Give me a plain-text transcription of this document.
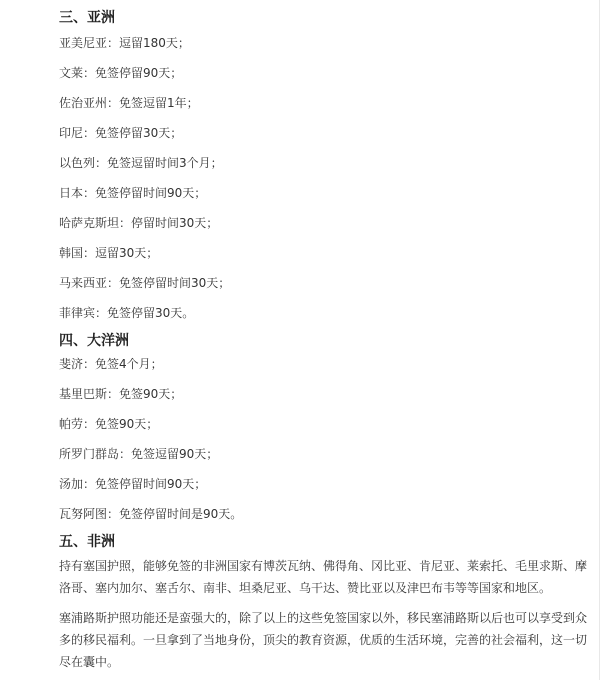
三、亚洲

亚美尼亚：逗留180天；

文莱：免签停留90天；

佐治亚州：免签逗留1年；

印尼：免签停留30天；

以色列：免签逗留时间3个月；

日本：免签停留时间90天；

哈萨克斯坦：停留时间30天；

韩国：逗留30天；

马来西亚：免签停留时间30天；

菲律宾：免签停留30天。

四、大洋洲

斐济：免签4个月；

基里巴斯：免签90天；

帕劳：免签90天；

所罗门群岛：免签逗留90天；

汤加：免签停留时间90天；

瓦努阿图：免签停留时间是90天。

五、非洲

持有塞国护照，能够免签的非洲国家有博茨瓦纳、佛得角、冈比亚、肯尼亚、莱索托、毛里求斯、摩洛哥、塞内加尔、塞舌尔、南非、坦桑尼亚、乌干达、赞比亚以及津巴布韦等等国家和地区。

塞浦路斯护照功能还是蛮强大的，除了以上的这些免签国家以外，移民塞浦路斯以后也可以享受到众多的移民福利。一旦拿到了当地身份，顶尖的教育资源，优质的生活环境，完善的社会福利，这一切尽在囊中。
